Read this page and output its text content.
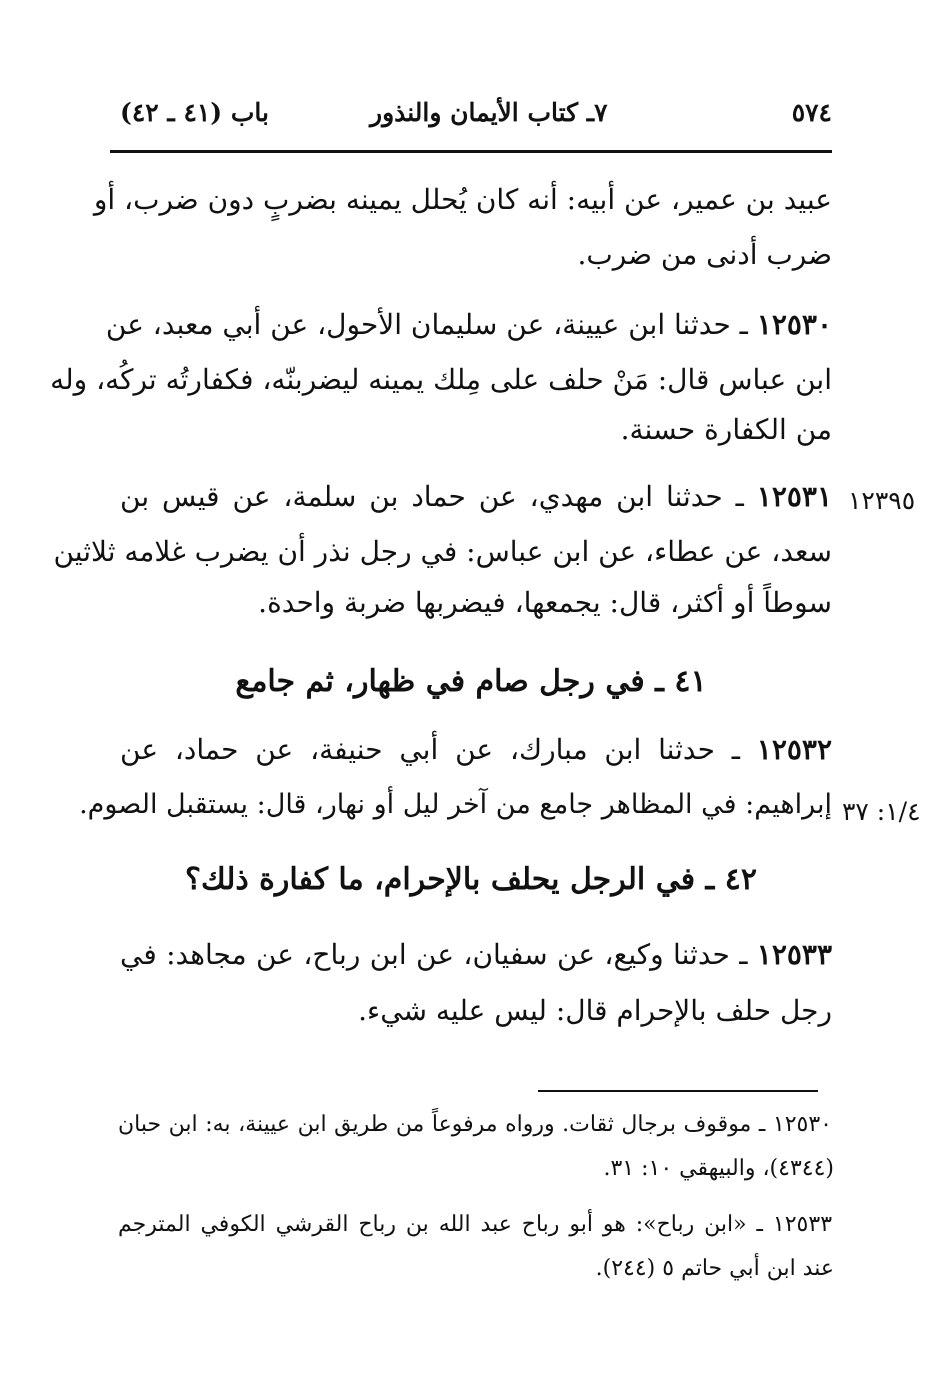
٥٧٤
٧ـ كتاب الأيمان والنذور
باب (٤١ ـ ٤٢)
عبيد بن عمير، عن أبيه: أنه كان يُحلل يمينه بضربٍ دون ضرب، أو
ضرب أدنى من ضرب.
١٢٥٣٠ ـ حدثنا ابن عيينة، عن سليمان الأحول، عن أبي معبد، عن
ابن عباس قال: مَنْ حلف على مِلك يمينه ليضربنّه، فكفارتُه تركُه، وله
من الكفارة حسنة.
١٢٣٩٥
١٢٥٣١ ـ حدثنا ابن مهدي، عن حماد بن سلمة، عن قيس بن
سعد، عن عطاء، عن ابن عباس: في رجل نذر أن يضرب غلامه ثلاثين
سوطاً أو أكثر، قال: يجمعها، فيضربها ضربة واحدة.
٤١ ـ في رجل صام في ظهار، ثم جامع
١٢٥٣٢ ـ حدثنا ابن مبارك، عن أبي حنيفة، عن حماد، عن
١/٤: ٣٧
إبراهيم: في المظاهر جامع من آخر ليل أو نهار، قال: يستقبل الصوم.
٤٢ ـ في الرجل يحلف بالإحرام، ما كفارة ذلك؟
١٢٥٣٣ ـ حدثنا وكيع، عن سفيان، عن ابن رباح، عن مجاهد: في
رجل حلف بالإحرام قال: ليس عليه شيء.
١٢٥٣٠ ـ موقوف برجال ثقات. ورواه مرفوعاً من طريق ابن عيينة، به: ابن حبان
(٤٣٤٤)، والبيهقي ١٠: ٣١.
١٢٥٣٣ ـ «ابن رباح»: هو أبو رباح عبد الله بن رباح القرشي الكوفي المترجم
عند ابن أبي حاتم ٥ (٢٤٤).
